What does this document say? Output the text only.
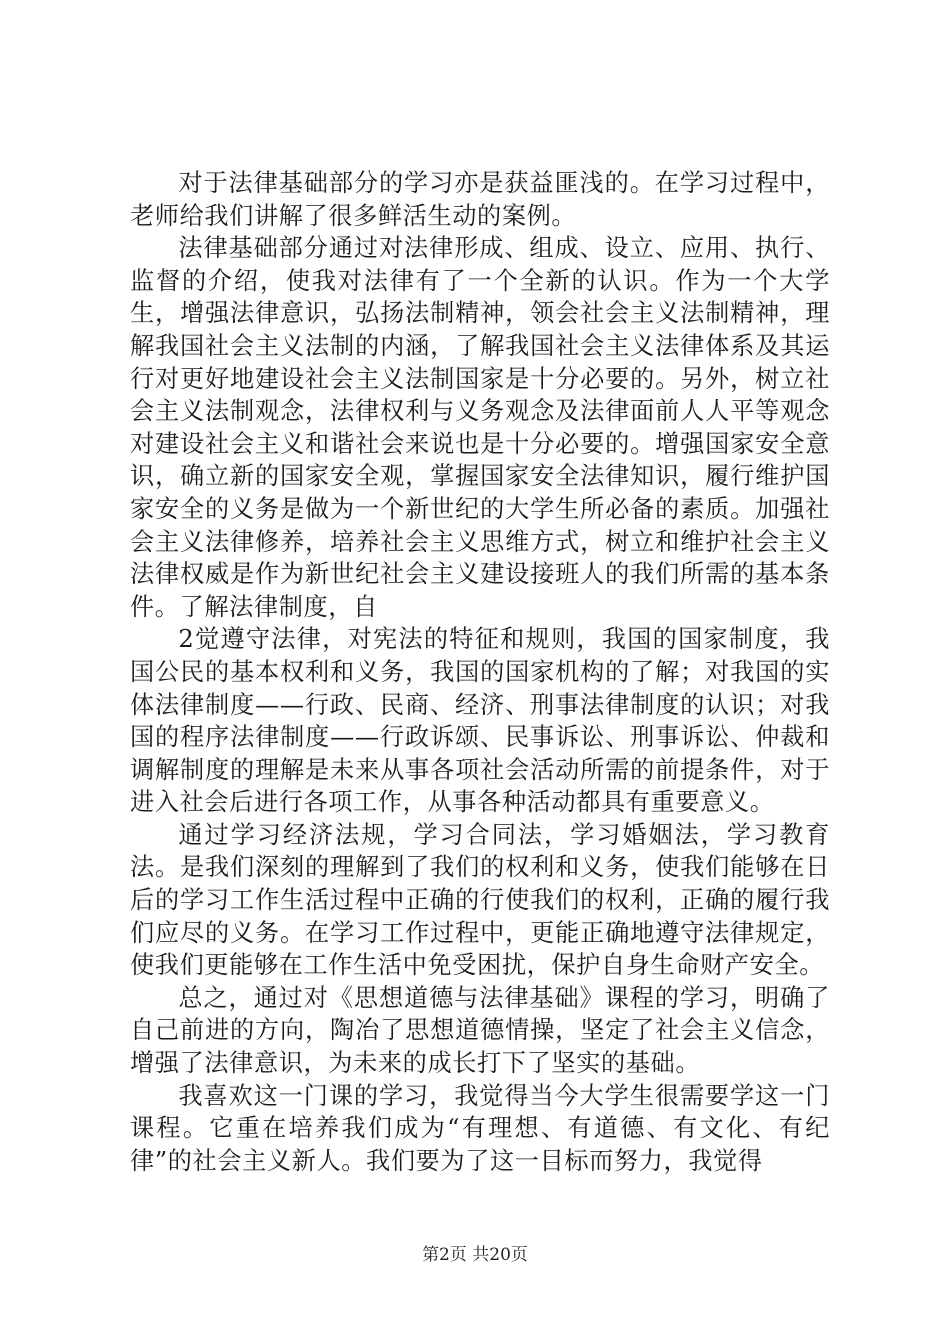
对于法律基础部分的学习亦是获益匪浅的。在学习过程中，老师给我们讲解了很多鲜活生动的案例。

法律基础部分通过对法律形成、组成、设立、应用、执行、监督的介绍，使我对法律有了一个全新的认识。作为一个大学生，增强法律意识，弘扬法制精神，领会社会主义法制精神，理解我国社会主义法制的内涵，了解我国社会主义法律体系及其运行对更好地建设社会主义法制国家是十分必要的。另外，树立社会主义法制观念，法律权利与义务观念及法律面前人人平等观念对建设社会主义和谐社会来说也是十分必要的。增强国家安全意识，确立新的国家安全观，掌握国家安全法律知识，履行维护国家安全的义务是做为一个新世纪的大学生所必备的素质。加强社会主义法律修养，培养社会主义思维方式，树立和维护社会主义法律权威是作为新世纪社会主义建设接班人的我们所需的基本条件。了解法律制度，自

2觉遵守法律，对宪法的特征和规则，我国的国家制度，我国公民的基本权利和义务，我国的国家机构的了解；对我国的实体法律制度——行政、民商、经济、刑事法律制度的认识；对我国的程序法律制度——行政诉颂、民事诉讼、刑事诉讼、仲裁和调解制度的理解是未来从事各项社会活动所需的前提条件，对于进入社会后进行各项工作，从事各种活动都具有重要意义。

通过学习经济法规，学习合同法，学习婚姻法，学习教育法。是我们深刻的理解到了我们的权利和义务，使我们能够在日后的学习工作生活过程中正确的行使我们的权利，正确的履行我们应尽的义务。在学习工作过程中，更能正确地遵守法律规定，使我们更能够在工作生活中免受困扰，保护自身生命财产安全。

总之，通过对《思想道德与法律基础》课程的学习，明确了自己前进的方向，陶冶了思想道德情操，坚定了社会主义信念，增强了法律意识，为未来的成长打下了坚实的基础。

我喜欢这一门课的学习，我觉得当今大学生很需要学这一门课程。它重在培养我们成为“有理想、有道德、有文化、有纪律”的社会主义新人。我们要为了这一目标而努力，我觉得

第2页 共20页
